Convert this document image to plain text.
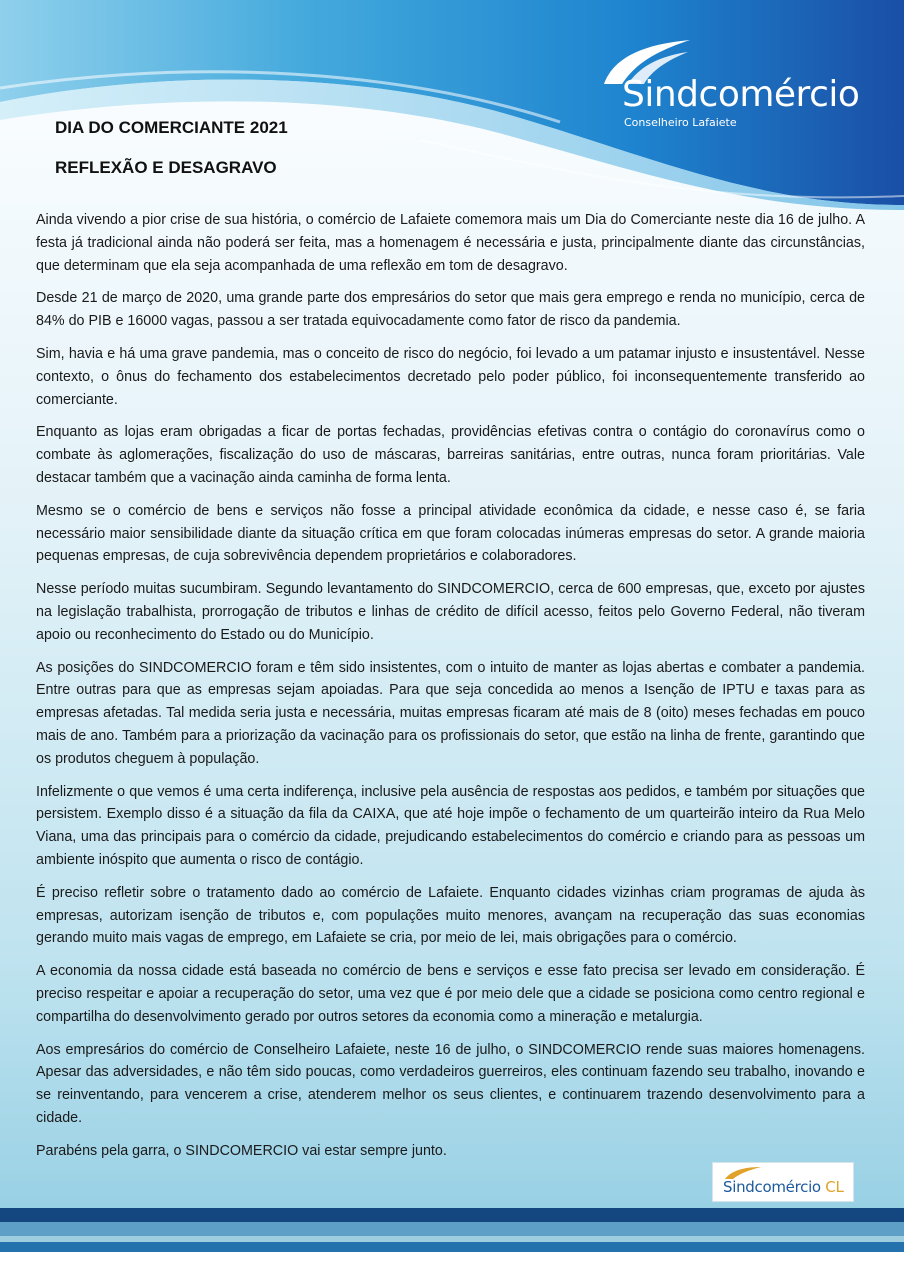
Sindcomércio
Conselheiro Lafaiete
DIA DO COMERCIANTE 2021
REFLEXÃO E DESAGRAVO

Ainda vivendo a pior crise de sua história, o comércio de Lafaiete comemora mais um Dia do Comerciante neste dia 16 de julho. A festa já tradicional ainda não poderá ser feita, mas a homenagem é necessária e justa, principalmente diante das circunstâncias, que determinam que ela seja acompanhada de uma reflexão em tom de desagravo.

Desde 21 de março de 2020, uma grande parte dos empresários do setor que mais gera emprego e renda no município, cerca de 84% do PIB e 16000 vagas, passou a ser tratada equivocadamente como fator de risco da pandemia.

Sim, havia e há uma grave pandemia, mas o conceito de risco do negócio, foi levado a um patamar injusto e insustentável. Nesse contexto, o ônus do fechamento dos estabelecimentos decretado pelo poder público, foi inconsequentemente transferido ao comerciante.

Enquanto as lojas eram obrigadas a ficar de portas fechadas, providências efetivas contra o contágio do coronavírus como o combate às aglomerações, fiscalização do uso de máscaras, barreiras sanitárias, entre outras, nunca foram prioritárias. Vale destacar também que a vacinação ainda caminha de forma lenta.

Mesmo se o comércio de bens e serviços não fosse a principal atividade econômica da cidade, e nesse caso é, se faria necessário maior sensibilidade diante da situação crítica em que foram colocadas inúmeras empresas do setor. A grande maioria pequenas empresas, de cuja sobrevivência dependem proprietários e colaboradores.

Nesse período muitas sucumbiram. Segundo levantamento do SINDCOMERCIO, cerca de 600 empresas, que, exceto por ajustes na legislação trabalhista, prorrogação de tributos e linhas de crédito de difícil acesso, feitos pelo Governo Federal, não tiveram apoio ou reconhecimento do Estado ou do Município.

As posições do SINDCOMERCIO foram e têm sido insistentes, com o intuito de manter as lojas abertas e combater a pandemia. Entre outras para que as empresas sejam apoiadas. Para que seja concedida ao menos a Isenção de IPTU e taxas para as empresas afetadas. Tal medida seria justa e necessária, muitas empresas ficaram até mais de 8 (oito) meses fechadas em pouco mais de ano. Também para a priorização da vacinação para os profissionais do setor, que estão na linha de frente, garantindo que os produtos cheguem à população.

Infelizmente o que vemos é uma certa indiferença, inclusive pela ausência de respostas aos pedidos, e também por situações que persistem. Exemplo disso é a situação da fila da CAIXA, que até hoje impõe o fechamento de um quarteirão inteiro da Rua Melo Viana, uma das principais para o comércio da cidade, prejudicando estabelecimentos do comércio e criando para as pessoas um ambiente inóspito que aumenta o risco de contágio.

É preciso refletir sobre o tratamento dado ao comércio de Lafaiete. Enquanto cidades vizinhas criam programas de ajuda às empresas, autorizam isenção de tributos e, com populações muito menores, avançam na recuperação das suas economias gerando muito mais vagas de emprego, em Lafaiete se cria, por meio de lei, mais obrigações para o comércio.

A economia da nossa cidade está baseada no comércio de bens e serviços e esse fato precisa ser levado em consideração. É preciso respeitar e apoiar a recuperação do setor, uma vez que é por meio dele que a cidade se posiciona como centro regional e compartilha do desenvolvimento gerado por outros setores da economia como a mineração e metalurgia.

Aos empresários do comércio de Conselheiro Lafaiete, neste 16 de julho, o SINDCOMERCIO rende suas maiores homenagens. Apesar das adversidades, e não têm sido poucas, como verdadeiros guerreiros, eles continuam fazendo seu trabalho, inovando e se reinventando, para vencerem a crise, atenderem melhor os seus clientes, e continuarem trazendo desenvolvimento para a cidade.

Parabéns pela garra, o SINDCOMERCIO vai estar sempre junto.

Sindcomércio CL
